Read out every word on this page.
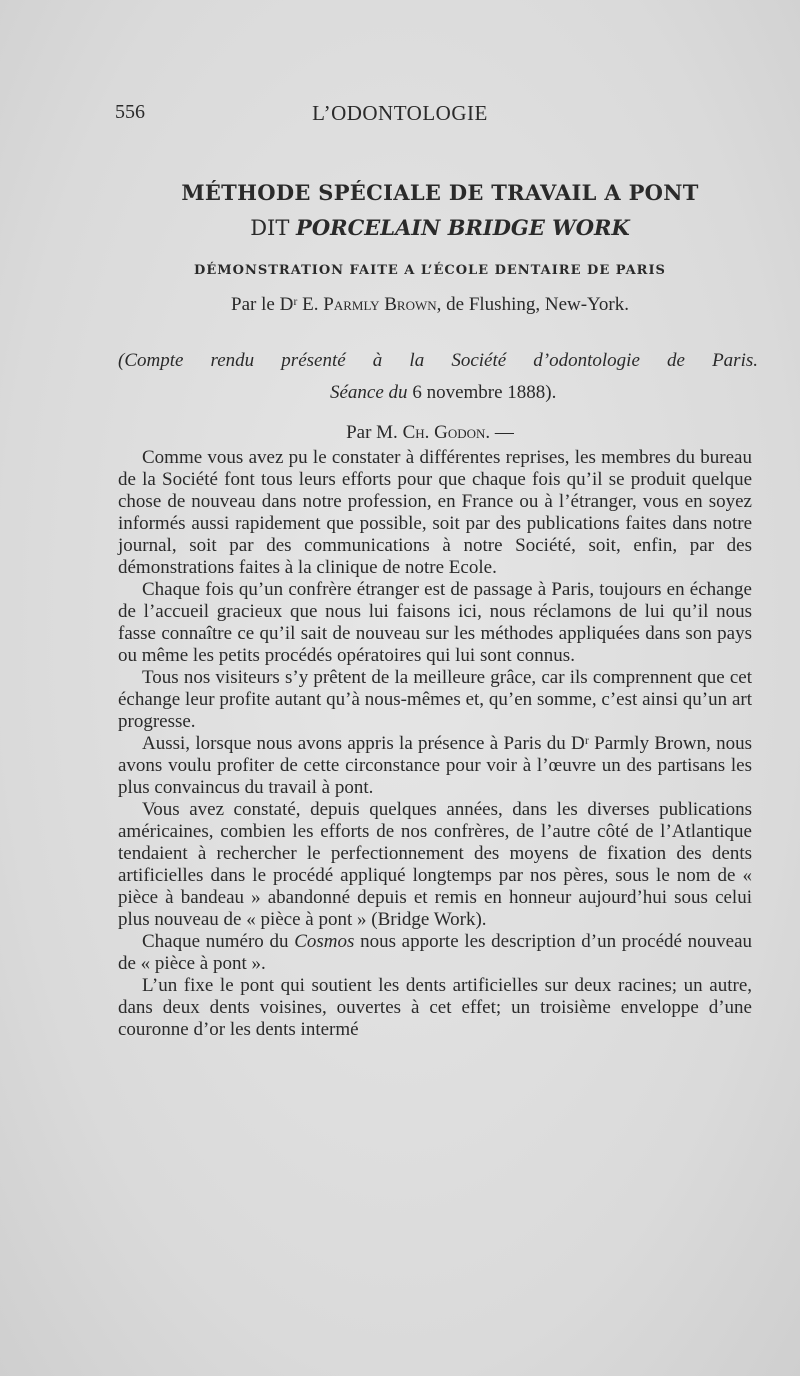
556	L’ODONTOLOGIE
MÉTHODE SPÉCIALE DE TRAVAIL A PONT
DIT PORCELAIN BRIDGE WORK
DÉMONSTRATION FAITE A L’ÉCOLE DENTAIRE DE PARIS
Par le Dʳ E. Parmly Brown, de Flushing, New-York.
(Compte rendu présenté à la Société d’odontologie de Paris.
Séance du 6 novembre 1888).
Par M. Ch. Godon. —

Comme vous avez pu le constater à différentes reprises, les membres du bureau de la Société font tous leurs efforts pour que chaque fois qu’il se produit quelque chose de nouveau dans notre profession, en France ou à l’étranger, vous en soyez informés aussi rapidement que possible, soit par des publications faites dans notre journal, soit par des communications à notre Société, soit, enfin, par des démonstrations faites à la clinique de notre Ecole.

Chaque fois qu’un confrère étranger est de passage à Paris, toujours en échange de l’accueil gracieux que nous lui faisons ici, nous réclamons de lui qu’il nous fasse connaître ce qu’il sait de nouveau sur les méthodes appliquées dans son pays ou même les petits procédés opératoires qui lui sont connus.

Tous nos visiteurs s’y prêtent de la meilleure grâce, car ils comprennent que cet échange leur profite autant qu’à nous-mêmes et, qu’en somme, c’est ainsi qu’un art progresse.

Aussi, lorsque nous avons appris la présence à Paris du Dʳ Parmly Brown, nous avons voulu profiter de cette circonstance pour voir à l’œuvre un des partisans les plus convaincus du travail à pont.

Vous avez constaté, depuis quelques années, dans les diverses publications américaines, combien les efforts de nos confrères, de l’autre côté de l’Atlantique tendaient à rechercher le perfectionnement des moyens de fixation des dents artificielles dans le procédé appliqué longtemps par nos pères, sous le nom de « pièce à bandeau » abandonné depuis et remis en honneur aujourd’hui sous celui plus nouveau de « pièce à pont » (Bridge Work).

Chaque numéro du Cosmos nous apporte les description d’un procédé nouveau de « pièce à pont ».

L’un fixe le pont qui soutient les dents artificielles sur deux racines; un autre, dans deux dents voisines, ouvertes à cet effet; un troisième enveloppe d’une couronne d’or les dents intermé
